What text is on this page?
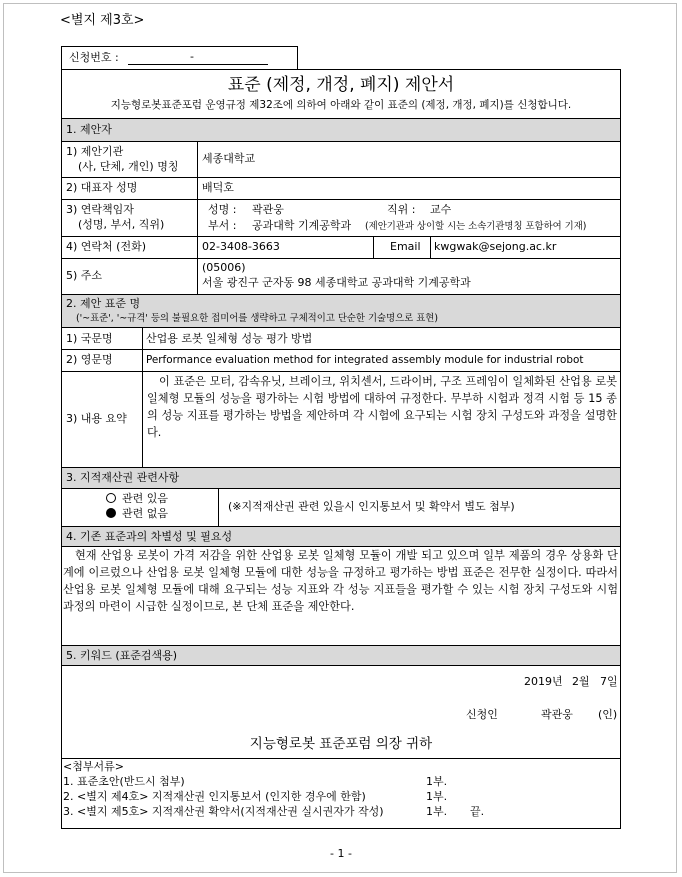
<별지 제3호>
신청번호 :	-
표준 (제정, 개정, 폐지) 제안서
지능형로봇표준포럼 운영규정 제32조에 의하여 아래와 같이 표준의 (제정, 개정, 폐지)를 신청합니다.
1. 제안자
1) 제안기관
(사, 단체, 개인) 명칭
세종대학교
2) 대표자 성명	배덕호
3) 연락책임자
(성명, 부서, 직위)
성명 : 곽관웅	직위 : 교수
부서 : 공과대학 기계공학과 (제안기관과 상이할 시는 소속기관명칭 포함하여 기재)
4) 연락처 (전화)	02-3408-3663	Email kwgwak@sejong.ac.kr
5) 주소
(05006)
서울 광진구 군자동 98 세종대학교 공과대학 기계공학과
2. 제안 표준 명
('~표준', '~규격' 등의 불필요한 접미어를 생략하고 구체적이고 단순한 기술명으로 표현)
1) 국문명	산업용 로봇 일체형 성능 평가 방법
2) 영문명	Performance evaluation method for integrated assembly module for industrial robot
3) 내용 요약
이 표준은 모터, 감속유닛, 브레이크, 위치센서, 드라이버, 구조 프레임이 일체화된 산업용 로봇 일체형 모듈의 성능을 평가하는 시험 방법에 대하여 규정한다. 무부하 시험과 정격 시험 등 15 종의 성능 지표를 평가하는 방법을 제안하며 각 시험에 요구되는 시험 장치 구성도와 과정을 설명한다.
3. 지적재산권 관련사항
관련 있음
관련 없음
(※지적재산권 관련 있을시 인지통보서 및 확약서 별도 첨부)
4. 기존 표준과의 차별성 및 필요성
현재 산업용 로봇이 가격 저감을 위한 산업용 로봇 일체형 모듈이 개발 되고 있으며 일부 제품의 경우 상용화 단계에 이르렀으나 산업용 로봇 일체형 모듈에 대한 성능을 규정하고 평가하는 방법 표준은 전무한 실정이다. 따라서 산업용 로봇 일체형 모듈에 대해 요구되는 성능 지표와 각 성능 지표들을 평가할 수 있는 시험 장치 구성도와 시험 과정의 마련이 시급한 실정이므로, 본 단체 표준을 제안한다.
5. 키워드 (표준검색용)
2019년 2월 7일
신청인	곽관웅 (인)
지능형로봇 표준포럼 의장 귀하
<첨부서류>
1. 표준초안(반드시 첨부)	1부.
2. <별지 제4호> 지적재산권 인지통보서 (인지한 경우에 한함)	1부.
3. <별지 제5호> 지적재산권 확약서(지적재산권 실시권자가 작성)	1부. 끝.
- 1 -
